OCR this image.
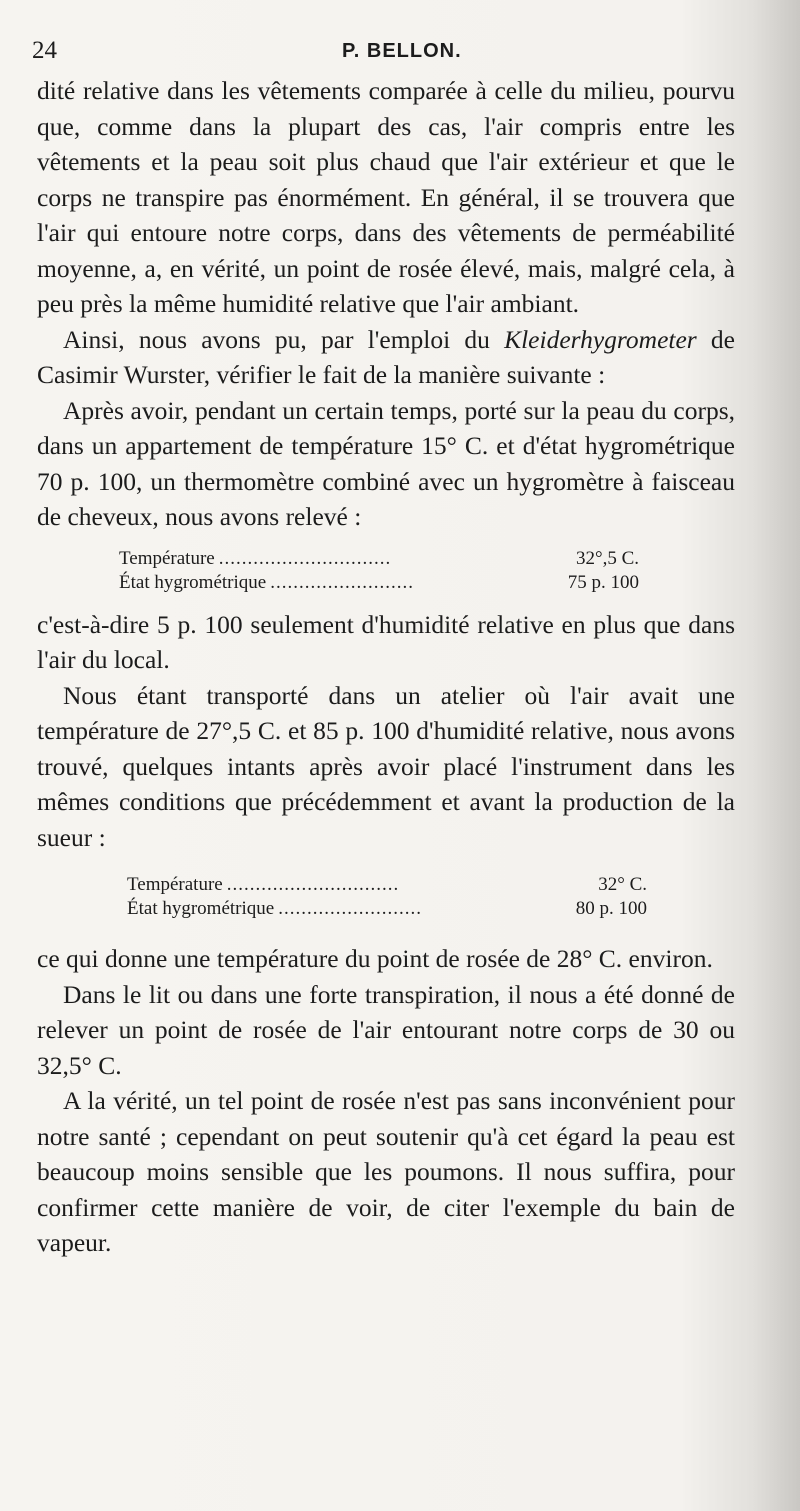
24	P. BELLON.

dité relative dans les vêtements comparée à celle du milieu, pourvu que, comme dans la plupart des cas, l'air compris entre les vêtements et la peau soit plus chaud que l'air extérieur et que le corps ne transpire pas énormément. En général, il se trouvera que l'air qui entoure notre corps, dans des vêtements de perméabilité moyenne, a, en vérité, un point de rosée élevé, mais, malgré cela, à peu près la même humidité relative que l'air ambiant.

Ainsi, nous avons pu, par l'emploi du Kleiderhygrometer de Casimir Wurster, vérifier le fait de la manière suivante :

Après avoir, pendant un certain temps, porté sur la peau du corps, dans un appartement de température 15° C. et d'état hygrométrique 70 p. 100, un thermomètre combiné avec un hygromètre à faisceau de cheveux, nous avons relevé :

Température ..............................	32°,5 C.
État hygrométrique .........................	75 p. 100

c'est-à-dire 5 p. 100 seulement d'humidité relative en plus que dans l'air du local.

Nous étant transporté dans un atelier où l'air avait une température de 27°,5 C. et 85 p. 100 d'humidité relative, nous avons trouvé, quelques intants après avoir placé l'instrument dans les mêmes conditions que précédemment et avant la production de la sueur :

Température ..............................	32° C.
État hygrométrique .........................	80 p. 100

ce qui donne une température du point de rosée de 28° C. environ.

Dans le lit ou dans une forte transpiration, il nous a été donné de relever un point de rosée de l'air entourant notre corps de 30 ou 32,5° C.

A la vérité, un tel point de rosée n'est pas sans inconvénient pour notre santé ; cependant on peut soutenir qu'à cet égard la peau est beaucoup moins sensible que les poumons. Il nous suffira, pour confirmer cette manière de voir, de citer l'exemple du bain de vapeur.
